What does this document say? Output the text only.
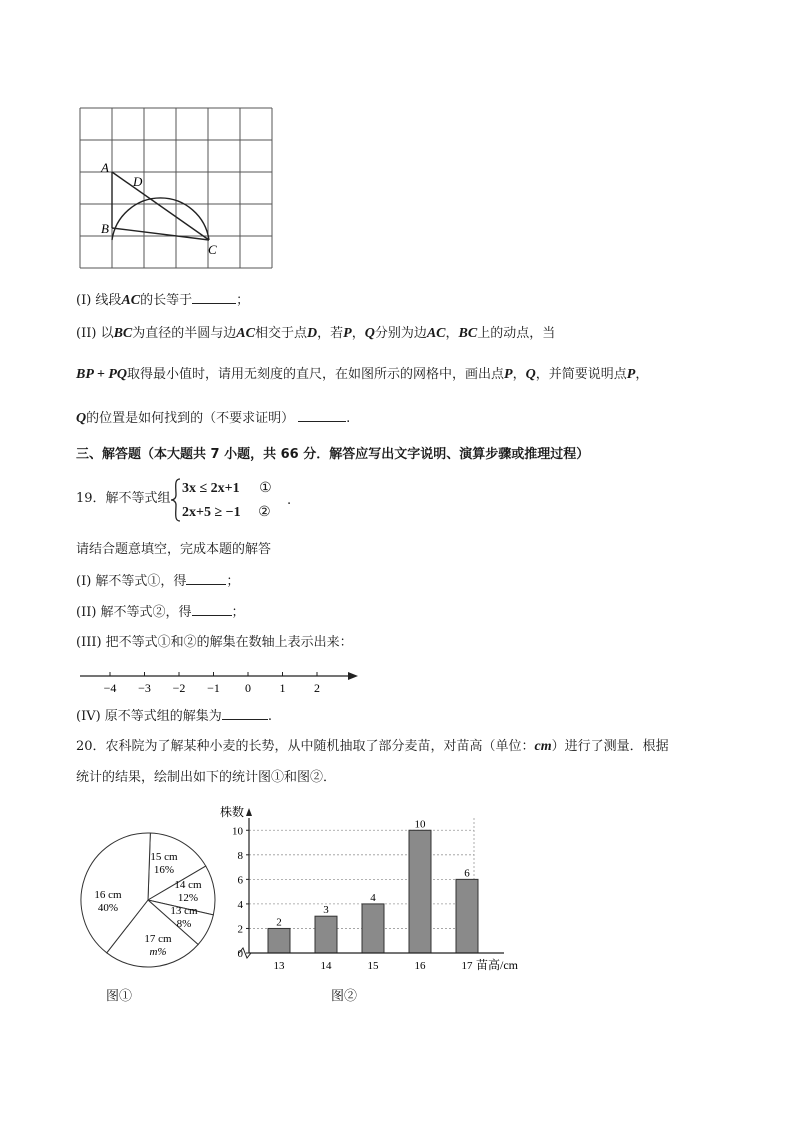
A
D
B
C
(I) 线段AC的长等于	；
(II) 以BC为直径的半圆与边AC相交于点D，若P，Q分别为边AC，BC上的动点，当
BP + PQ取得最小值时，请用无刻度的直尺，在如图所示的网格中，画出点P，Q，并简要说明点P，
Q的位置是如何找到的（不要求证明）	.
三、解答题（本大题共 7 小题，共 66 分．解答应写出文字说明、演算步骤或推理过程）
19．解不等式组
3x ≤ 2x+1 ①
2x+5 ≥ −1 ②
.
请结合题意填空，完成本题的解答
(I) 解不等式①，得	；
(II) 解不等式②，得	；
(III) 把不等式①和②的解集在数轴上表示出来：
−4 −3 −2 −1 0 1 2
(IV) 原不等式组的解集为	.
20．农科院为了解某种小麦的长势，从中随机抽取了部分麦苗，对苗高（单位：cm）进行了测量．根据
统计的结果，绘制出如下的统计图①和图②．
15 cm
16%
14 cm
12%
13 cm
8%
17 cm
m%
16 cm
40%
株数
苗高/cm
2
13
3
14
4
15
10
16
6
17
0
2
4
6
8
10
图①	图②
